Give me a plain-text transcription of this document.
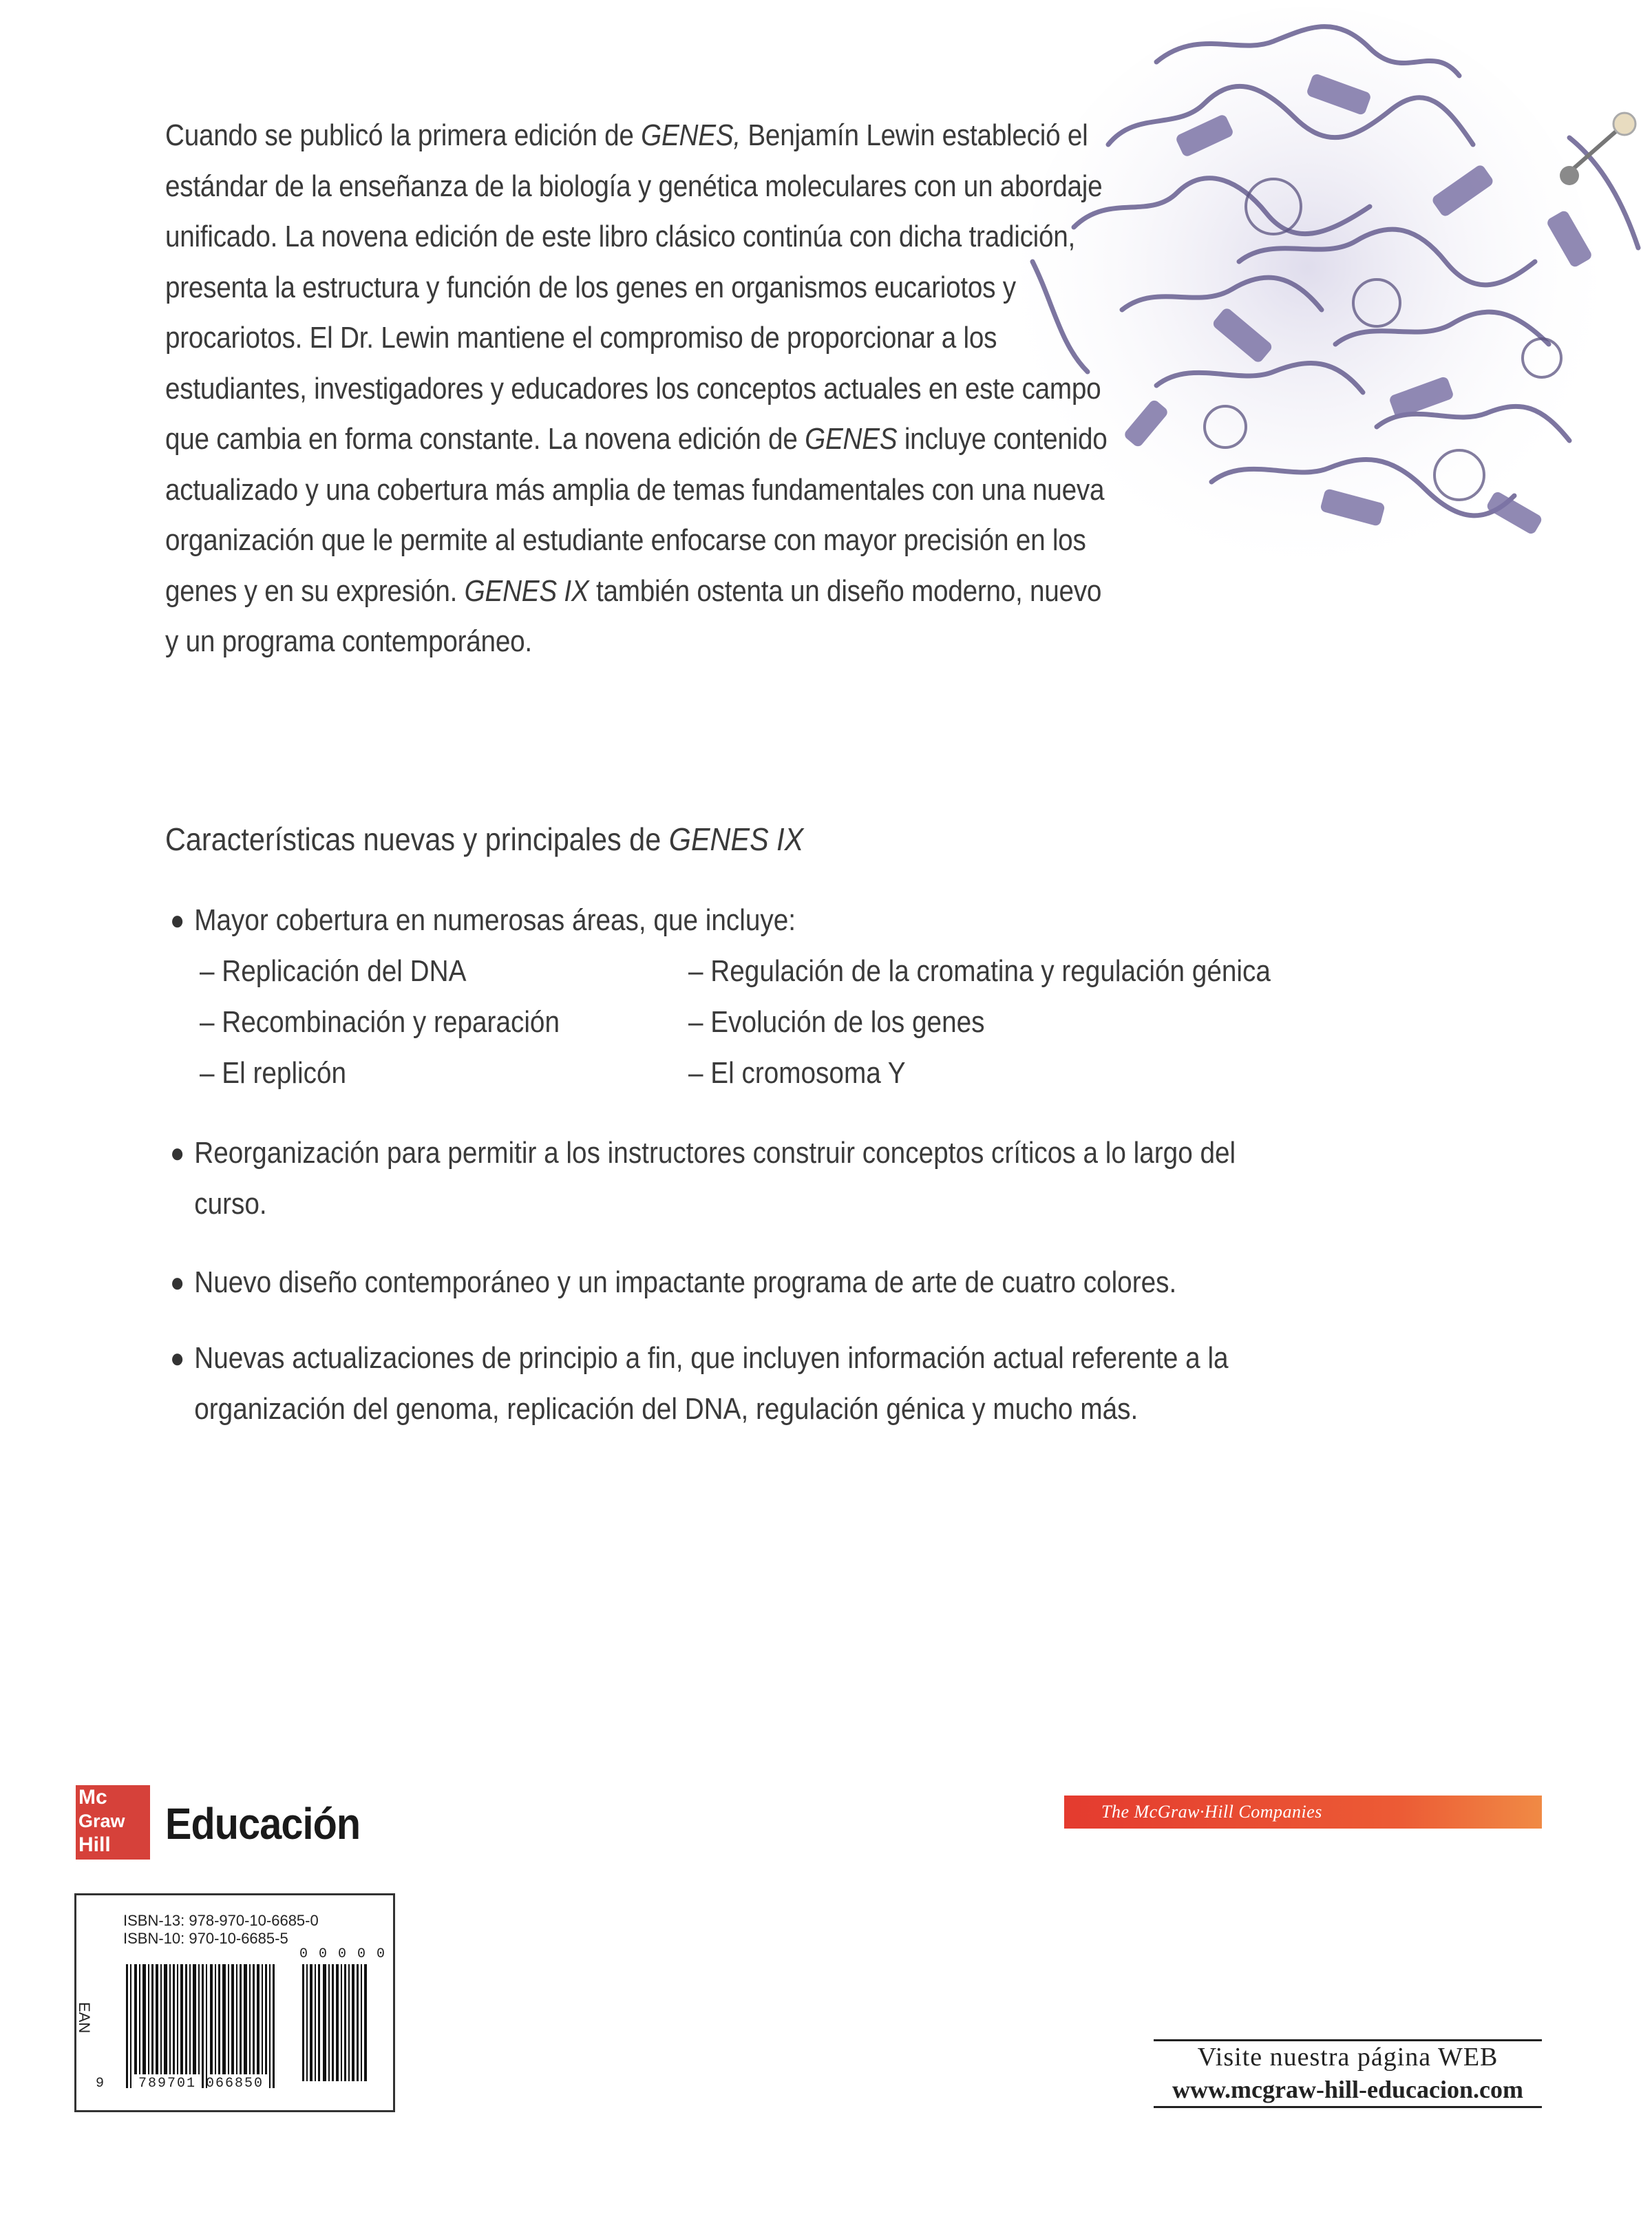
Cuando se publicó la primera edición de GENES, Benjamín Lewin estableció el estándar de la enseñanza de la biología y genética moleculares con un abordaje unificado. La novena edición de este libro clásico continúa con dicha tradición, presenta la estructura y función de los genes en organismos eucariotos y procariotos. El Dr. Lewin mantiene el compromiso de proporcionar a los estudiantes, investigadores y educadores los conceptos actuales en este campo que cambia en forma constante. La novena edición de GENES incluye contenido actualizado y una cobertura más amplia de temas fundamentales con una nueva organización que le permite al estudiante enfocarse con mayor precisión en los genes y en su expresión. GENES IX también ostenta un diseño moderno, nuevo y un programa contemporáneo.

Características nuevas y principales de GENES IX
● Mayor cobertura en numerosas áreas, que incluye:
– Replicación del DNA
– Recombinación y reparación
– El replicón
– Regulación de la cromatina y regulación génica
– Evolución de los genes
– El cromosoma Y
● Reorganización para permitir a los instructores construir conceptos críticos a lo largo del curso.
● Nuevo diseño contemporáneo y un impactante programa de arte de cuatro colores.
● Nuevas actualizaciones de principio a fin, que incluyen información actual referente a la organización del genoma, replicación del DNA, regulación génica y mucho más.
Mc
Graw
Hill Educación	The McGraw·Hill Companies
ISBN-13: 978-970-10-6685-0
ISBN-10: 970-10-6685-5
EAN
0 0 0 0 0
9 789701 066850
Visite nuestra página WEB
www.mcgraw-hill-educacion.com
